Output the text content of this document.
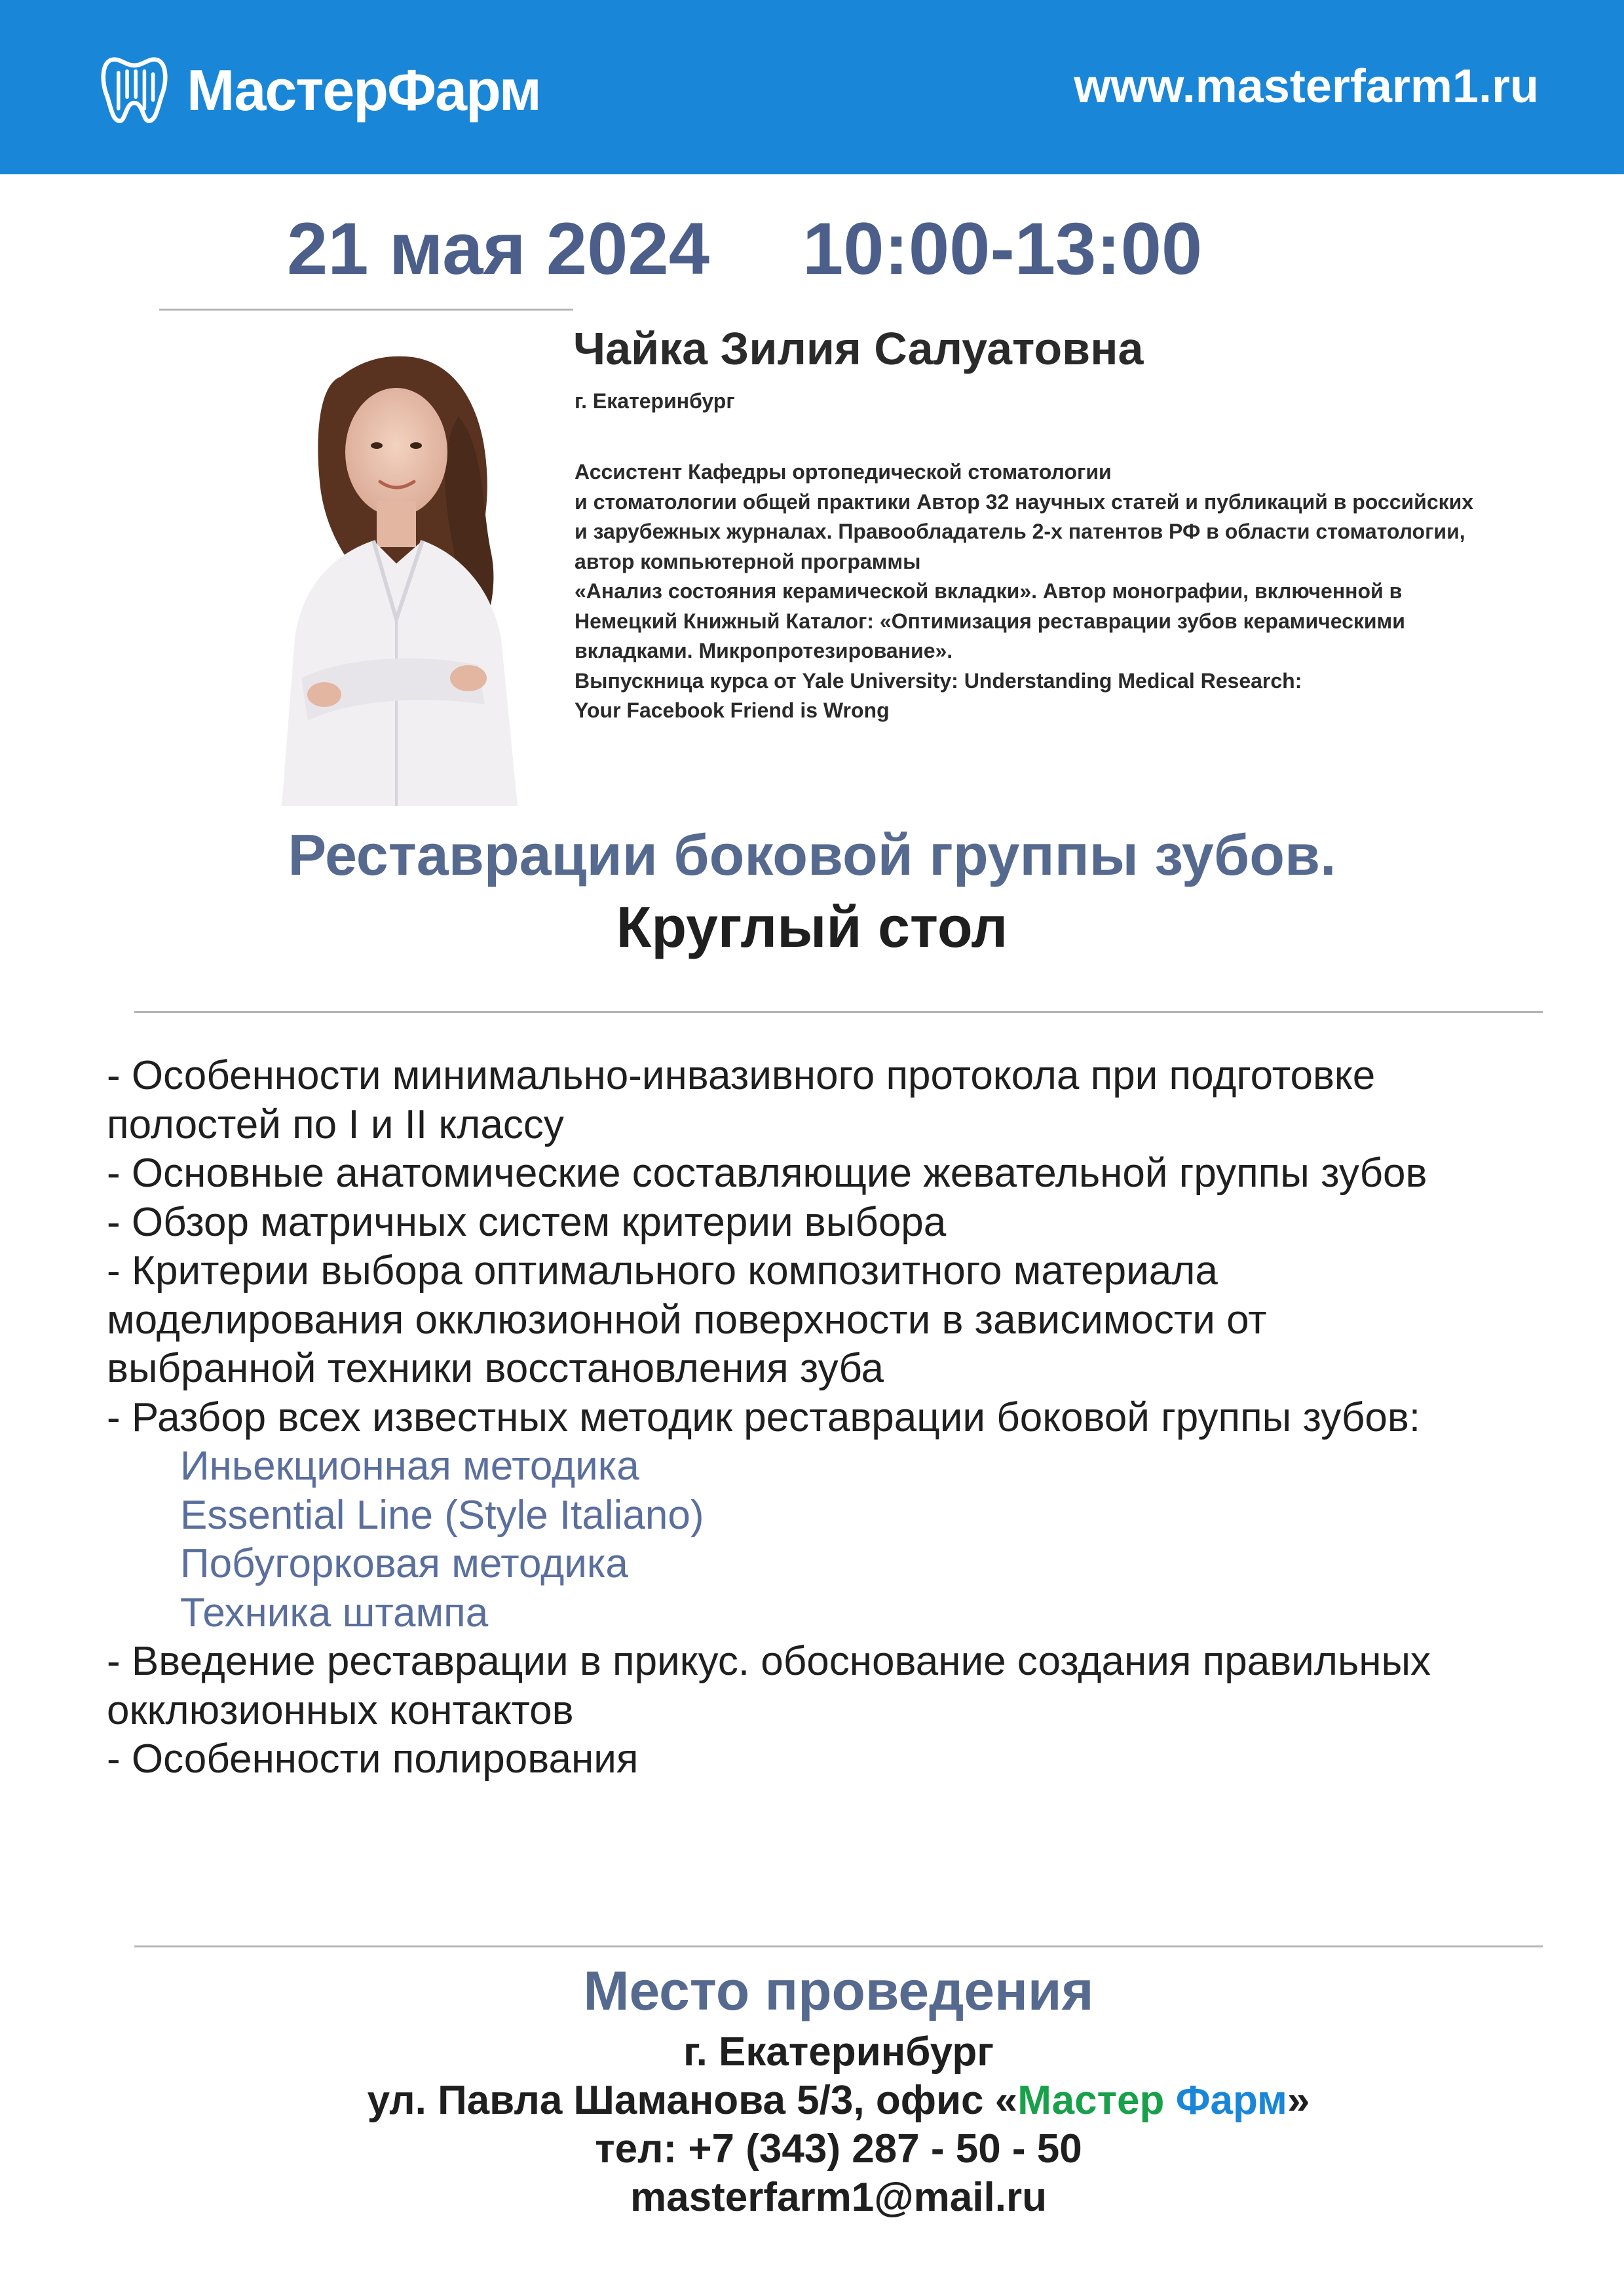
МастерФарм	www.masterfarm1.ru
21 мая 2024 10:00-13:00
Чайка Зилия Салуатовна
г. Екатеринбург
Ассистент Кафедры ортопедической стоматологии
и стоматологии общей практики Автор 32 научных статей и публикаций в российских
и зарубежных журналах. Правообладатель 2-х патентов РФ в области стоматологии,
автор компьютерной программы
«Анализ состояния керамической вкладки». Автор монографии, включенной в
Немецкий Книжный Каталог: «Оптимизация реставрации зубов керамическими
вкладками. Микропротезирование».
Выпускница курса от Yale University: Understanding Medical Research:
Your Facebook Friend is Wrong
Реставрации боковой группы зубов.
Круглый стол
- Особенности минимально-инвазивного протокола при подготовке
полостей по I и II классу
- Основные анатомические составляющие жевательной группы зубов
- Обзор матричных систем критерии выбора
- Критерии выбора оптимального композитного материала
моделирования окклюзионной поверхности в зависимости от
выбранной техники восстановления зуба
- Разбор всех известных методик реставрации боковой группы зубов:
Иньекционная методика
Essential Line (Style Italiano)
Побугорковая методика
Техника штампа
- Введение реставрации в прикус. обоснование создания правильных
окклюзионных контактов
- Особенности полирования
Место проведения
г. Екатеринбург
ул. Павла Шаманова 5/3, офис «Мастер Фарм»
тел: +7 (343) 287 - 50 - 50
masterfarm1@mail.ru
